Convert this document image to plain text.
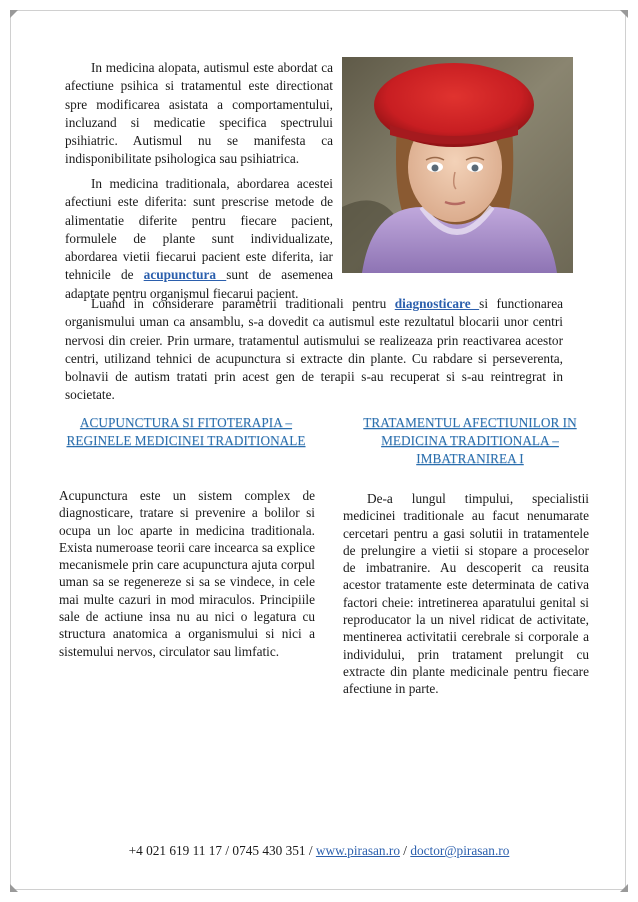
In medicina alopata, autismul este abordat ca afectiune psihica si tratamentul este directionat spre modificarea asistata a comportamentului, incluzand si medicatie specifica spectrului psihiatric. Autismul nu se manifesta ca indisponibilitate psihologica sau psihiatrica.

In medicina traditionala, abordarea acestei afectiuni este diferita: sunt prescrise metode de alimentatie diferite pentru fiecare pacient, formulele de plante sunt individualizate, abordarea vietii fiecarui pacient este diferita, iar tehnicile de acupunctura sunt de asemenea adaptate pentru organismul fiecarui pacient.

Luand in considerare parametrii traditionali pentru diagnosticare si functionarea organismului uman ca ansamblu, s-a dovedit ca autismul este rezultatul blocarii unor centri nervosi din creier. Prin urmare, tratamentul autismului se realizeaza prin reactivarea acestor centri, utilizand tehnici de acupunctura si extracte din plante. Cu rabdare si perseverenta, bolnavii de autism tratati prin acest gen de terapii s-au recuperat si s-au reintregrat in societate.

ACUPUNCTURA SI FITOTERAPIA –
REGINELE MEDICINEI TRADITIONALE
TRATAMENTUL AFECTIUNILOR IN
MEDICINA TRADITIONALA –
IMBATRANIREA I

Acupunctura este un sistem complex de diagnosticare, tratare si prevenire a bolilor si ocupa un loc aparte in medicina traditionala. Exista numeroase teorii care incearca sa explice mecanismele prin care acupunctura ajuta corpul uman sa se regenereze si sa se vindece, in cele mai multe cazuri in mod miraculos. Principiile sale de actiune insa nu au nici o legatura cu structura anatomica a organismului si nici a sistemului nervos, circulator sau limfatic.

De-a lungul timpului, specialistii medicinei traditionale au facut nenumarate cercetari pentru a gasi solutii in tratamentele de prelungire a vietii si stopare a proceselor de imbatranire. Au descoperit ca reusita acestor tratamente este determinata de cativa factori cheie: intretinerea aparatului genital si reproducator la un nivel ridicat de activitate, mentinerea activitatii cerebrale si corporale a individului, prin tratament prelungit cu extracte din plante medicinale pentru fiecare afectiune in parte.

+4 021 619 11 17 / 0745 430 351 / www.pirasan.ro / doctor@pirasan.ro
